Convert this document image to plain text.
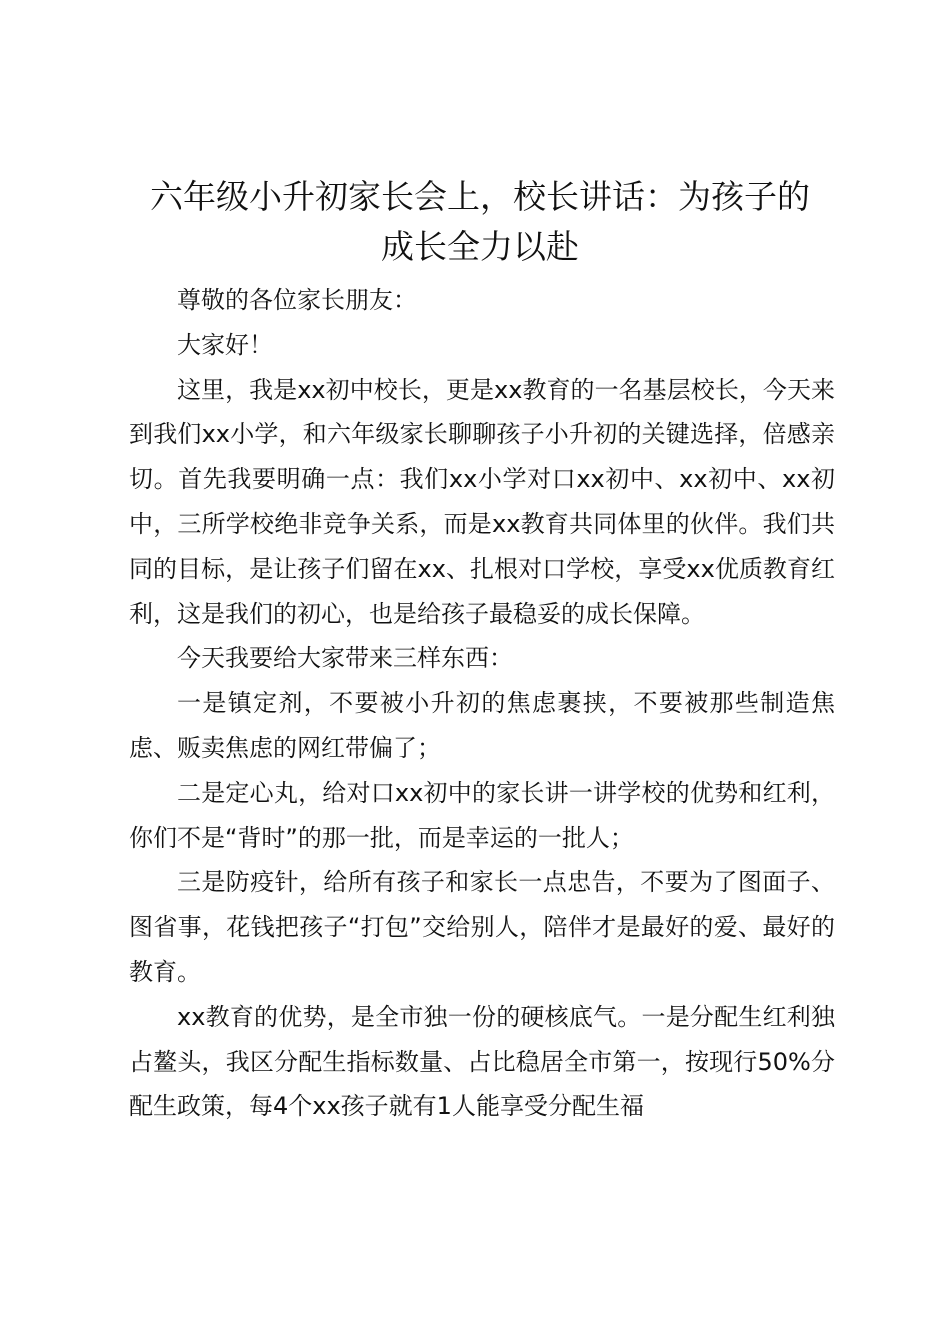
六年级小升初家长会上，校长讲话：为孩子的
成长全力以赴

尊敬的各位家长朋友：

大家好！

这里，我是xx初中校长，更是xx教育的一名基层校长，今天来到我们xx小学，和六年级家长聊聊孩子小升初的关键选择，倍感亲切。首先我要明确一点：我们xx小学对口xx初中、xx初中、xx初中，三所学校绝非竞争关系，而是xx教育共同体里的伙伴。我们共同的目标，是让孩子们留在xx、扎根对口学校，享受xx优质教育红利，这是我们的初心，也是给孩子最稳妥的成长保障。

今天我要给大家带来三样东西：

一是镇定剂，不要被小升初的焦虑裹挟，不要被那些制造焦虑、贩卖焦虑的网红带偏了；

二是定心丸，给对口xx初中的家长讲一讲学校的优势和红利，你们不是“背时”的那一批，而是幸运的一批人；

三是防疫针，给所有孩子和家长一点忠告，不要为了图面子、图省事，花钱把孩子“打包”交给别人，陪伴才是最好的爱、最好的教育。

xx教育的优势，是全市独一份的硬核底气。一是分配生红利独占鳌头，我区分配生指标数量、占比稳居全市第一，按现行50%分配生政策，每4个xx孩子就有1人能享受分配生福
